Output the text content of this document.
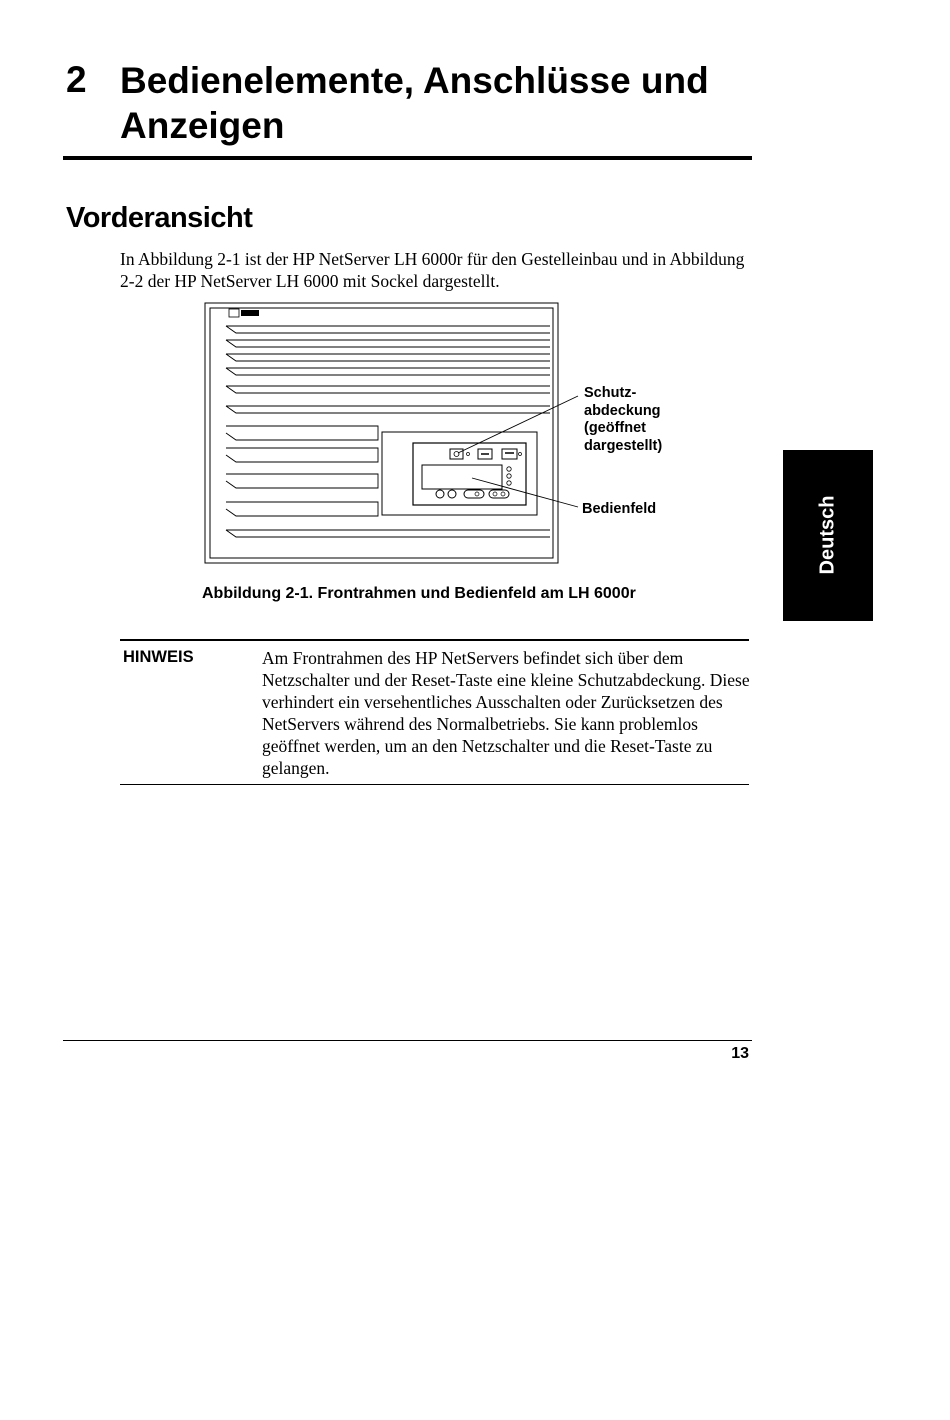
2 Bedienelemente, Anschlüsse und Anzeigen
Vorderansicht
In Abbildung 2-1 ist der HP NetServer LH 6000r für den Gestelleinbau und in Abbildung 2-2 der HP NetServer LH 6000 mit Sockel dargestellt.
Schutz- abdeckung (geöffnet dargestellt)
Bedienfeld
Abbildung 2-1. Frontrahmen und Bedienfeld am LH 6000r
HINWEIS	Am Frontrahmen des HP NetServers befindet sich über dem Netzschalter und der Reset-Taste eine kleine Schutzabdeckung. Diese verhindert ein versehentliches Ausschalten oder Zurücksetzen des NetServers während des Normalbetriebs. Sie kann problemlos geöffnet werden, um an den Netzschalter und die Reset-Taste zu gelangen.
Deutsch
13
